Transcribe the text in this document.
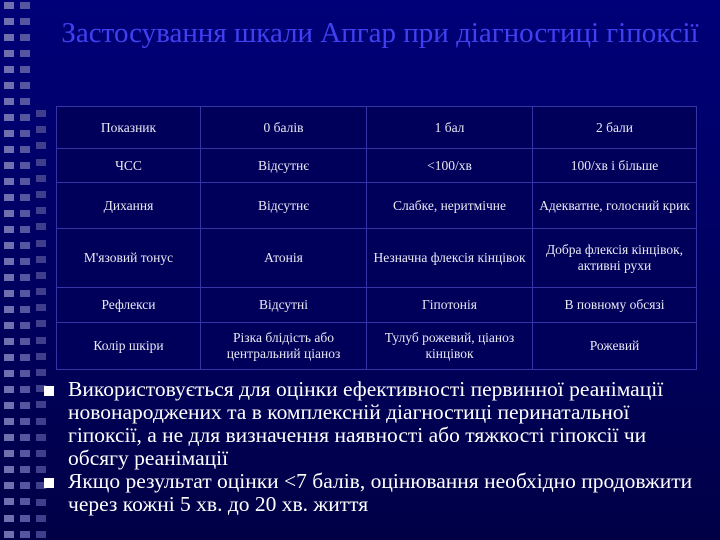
Застосування шкали Апгар при діагностиці гіпоксії
Показник	0 балів	1 бал	2 бали
ЧСС	Відсутнє	<100/хв	100/хв і більше
Дихання	Відсутнє	Слабке, неритмічне	Адекватне, голосний крик
М'язовий тонус	Атонія	Незначна флексія кінцівок	Добра флексія кінцівок, активні рухи
Рефлекси	Відсутні	Гіпотонія	В повному обсязі
Колір шкіри	Різка блідість або центральний ціаноз	Тулуб рожевий, ціаноз кінцівок	Рожевий
Використовується для оцінки ефективності первинної реанімації новонароджених та в комплексній діагностиці перинатальної гіпоксії, а не для визначення наявності або тяжкості гіпоксії чи обсягу реанімації
Якщо результат оцінки <7 балів, оцінювання необхідно продовжити через кожні 5 хв. до 20 хв. життя
